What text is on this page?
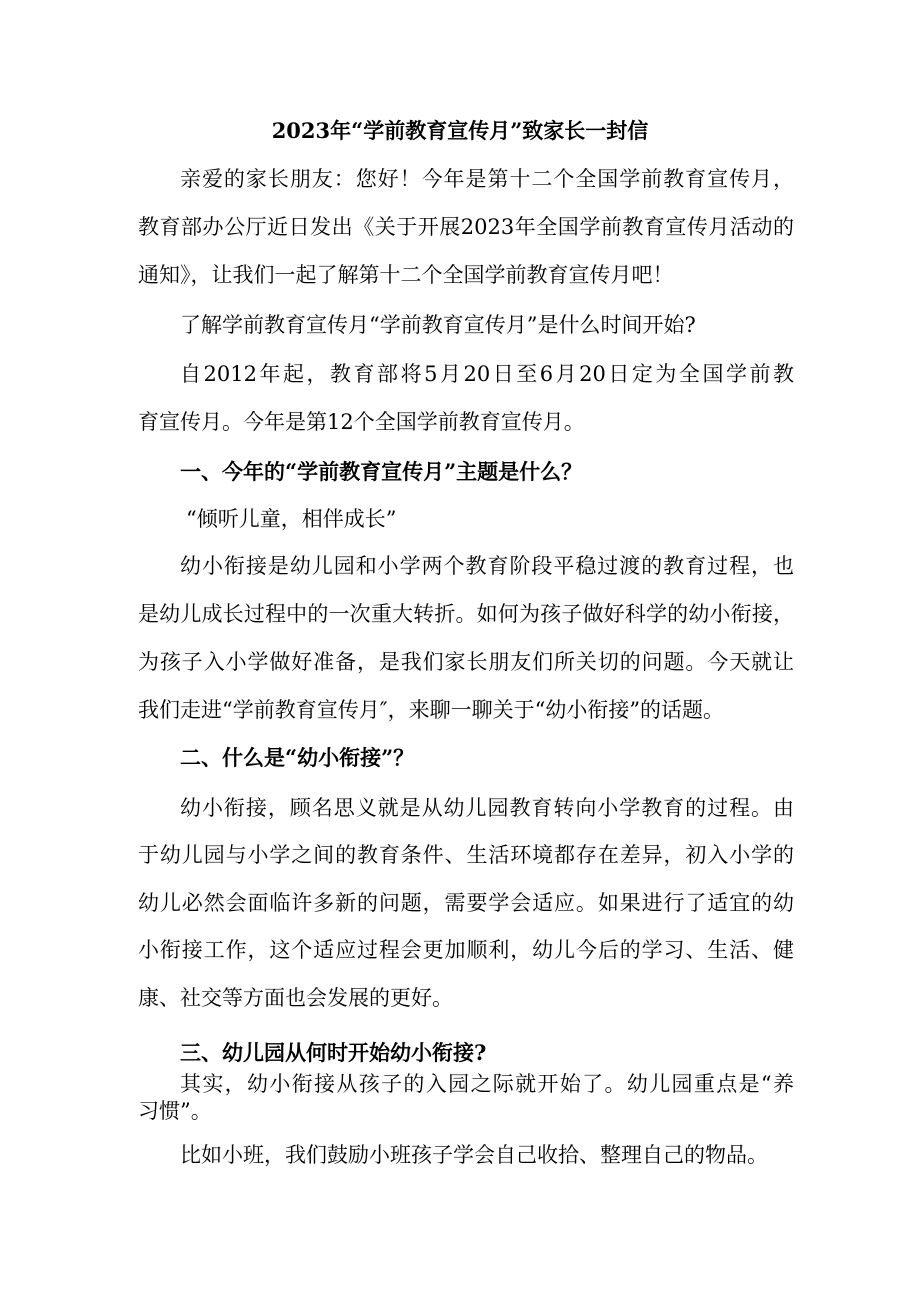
2023年“学前教育宣传月”致家长一封信

亲爱的家长朋友：您好！今年是第十二个全国学前教育宣传月，

教育部办公厅近日发出《关于开展2023年全国学前教育宣传月活动的

通知》，让我们一起了解第十二个全国学前教育宣传月吧！

了解学前教育宣传月“学前教育宣传月”是什么时间开始?

自2012年起，教育部将5月20日至6月20日定为全国学前教

育宣传月。今年是第12个全国学前教育宣传月。

一、今年的“学前教育宣传月”主题是什么？

“倾听儿童，相伴成长”

幼小衔接是幼儿园和小学两个教育阶段平稳过渡的教育过程，也

是幼儿成长过程中的一次重大转折。如何为孩子做好科学的幼小衔接，

为孩子入小学做好准备，是我们家长朋友们所关切的问题。今天就让

我们走进“学前教育宣传月″，来聊一聊关于“幼小衔接”的话题。

二、什么是“幼小衔接”？

幼小衔接，顾名思义就是从幼儿园教育转向小学教育的过程。由

于幼儿园与小学之间的教育条件、生活环境都存在差异，初入小学的

幼儿必然会面临许多新的问题，需要学会适应。如果进行了适宜的幼

小衔接工作，这个适应过程会更加顺利，幼儿今后的学习、生活、健

康、社交等方面也会发展的更好。

三、幼儿园从何时开始幼小衔接?

其实，幼小衔接从孩子的入园之际就开始了。幼儿园重点是“养

习惯”。

比如小班，我们鼓励小班孩子学会自己收拾、整理自己的物品。
